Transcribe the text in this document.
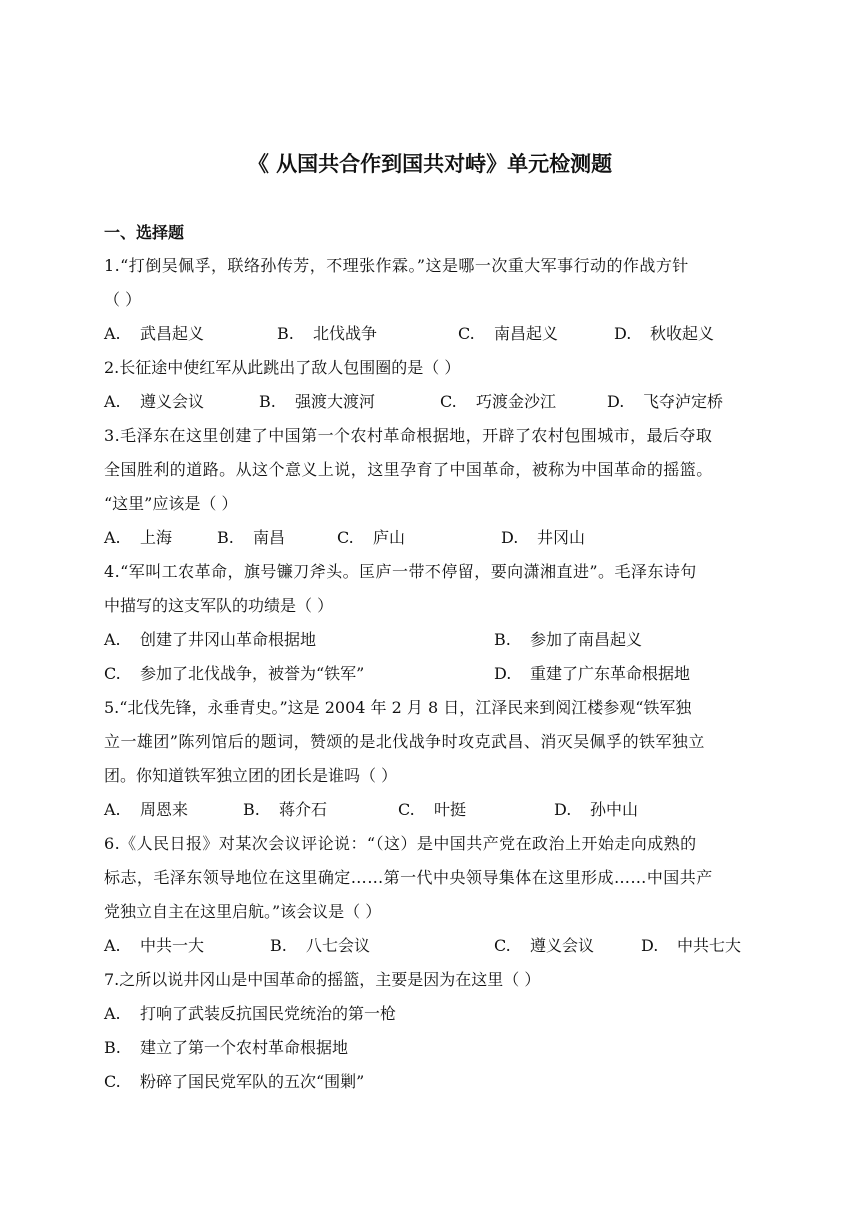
《 从国共合作到国共对峙》单元检测题
一、选择题
1.“打倒吴佩孚，联络孙传芳，不理张作霖。”这是哪一次重大军事行动的作战方针
（ ）
A. 武昌起义	B. 北伐战争	C. 南昌起义	D. 秋收起义
2.长征途中使红军从此跳出了敌人包围圈的是（ ）
A. 遵义会议	B. 强渡大渡河	C. 巧渡金沙江	D. 飞夺泸定桥
3.毛泽东在这里创建了中国第一个农村革命根据地，开辟了农村包围城市，最后夺取
全国胜利的道路。从这个意义上说，这里孕育了中国革命，被称为中国革命的摇篮。
“这里”应该是（ ）
A. 上海	B. 南昌	C. 庐山	D. 井冈山
4.“军叫工农革命，旗号镰刀斧头。匡庐一带不停留，要向潇湘直进”。毛泽东诗句
中描写的这支军队的功绩是（ ）
A. 创建了井冈山革命根据地	B. 参加了南昌起义
C. 参加了北伐战争，被誉为“铁军”	D. 重建了广东革命根据地
5.“北伐先锋，永垂青史。”这是 2004 年 2 月 8 日，江泽民来到阅江楼参观“铁军独
立一雄团”陈列馆后的题词，赞颂的是北伐战争时攻克武昌、消灭吴佩孚的铁军独立
团。你知道铁军独立团的团长是谁吗（ ）
A. 周恩来	B. 蒋介石	C. 叶挺	D. 孙中山
6.《人民日报》对某次会议评论说：“（这）是中国共产党在政治上开始走向成熟的
标志，毛泽东领导地位在这里确定……第一代中央领导集体在这里形成……中国共产
党独立自主在这里启航。”该会议是（ ）
A. 中共一大	B. 八七会议	C. 遵义会议	D. 中共七大
7.之所以说井冈山是中国革命的摇篮，主要是因为在这里（ ）
A. 打响了武装反抗国民党统治的第一枪
B. 建立了第一个农村革命根据地
C. 粉碎了国民党军队的五次“围剿”
